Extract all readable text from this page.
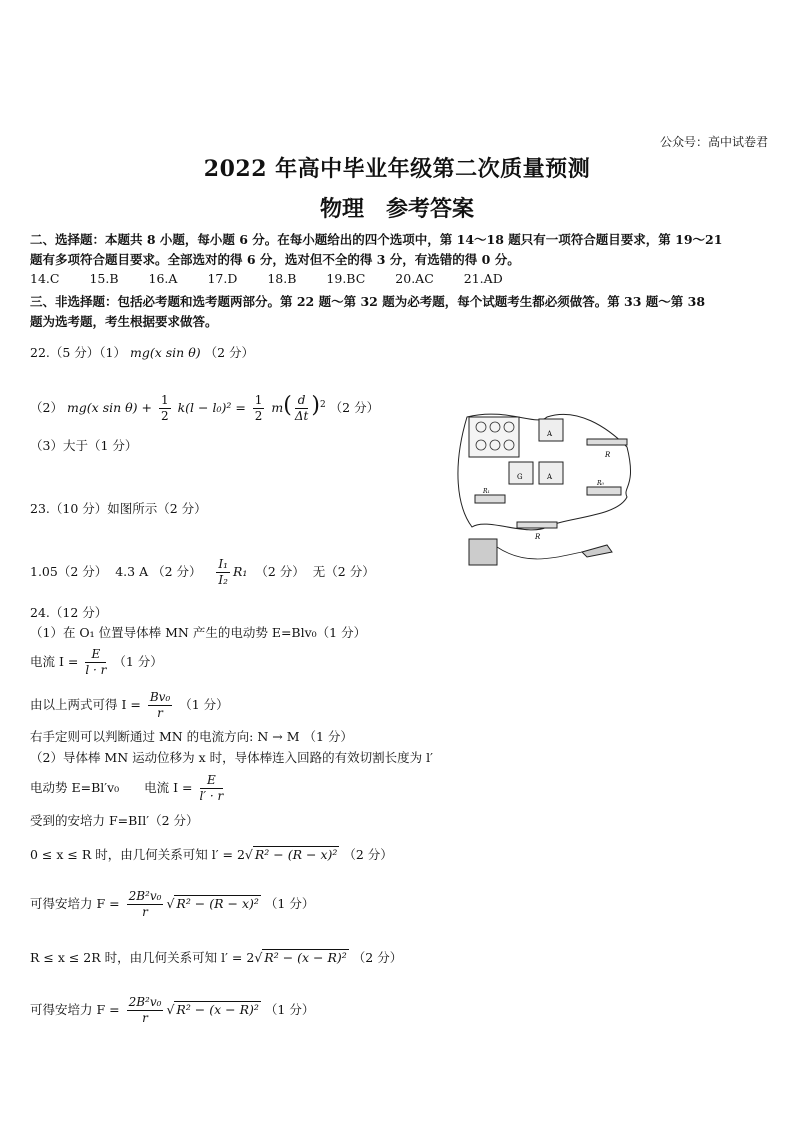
公众号：高中试卷君
2022 年高中毕业年级第二次质量预测
物理　参考答案
二、选择题：本题共 8 小题，每小题 6 分。在每小题给出的四个选项中，第 14～18 题只有一项符合题目要求，第 19～21
题有多项符合题目要求。全部选对的得 6 分，选对但不全的得 3 分，有选错的得 0 分。
14.C 15.B 16.A 17.D 18.B 19.BC 20.AC 21.AD
三、非选择题：包括必考题和选考题两部分。第 22 题～第 32 题为必考题，每个试题考生都必须做答。第 33 题～第 38
题为选考题，考生根据要求做答。
22.（5 分）（1） mg(x sin θ) （2 分）
（2） mg(x $\sin \theta) + \frac{1}{2} k(l - l_0)^2 = \frac{1}{2} m( \frac{d}{\Delta t} )^2$ （2 分）
（3）大于（1 分）
23.（10 分）如图所示（2 分）
1.05（2 分） 4.3 A （2 分） $\frac{\text{I₁}}{\text{I₂}} R_1$ （2 分） 无（2 分）
A
R
G	A
R₁
R₀
R
24.（12 分）
（1）在 O₁ 位置导体棒 MN 产生的电动势 E=Blv₀（1 分）
电流 $I = \frac{E}{l \cdot r} (1$ 分）
由以上两式可得 $I = \frac{\text{Bv₀}}{r} (1$ 分）
右手定则可以判断通过 MN 的电流方向: N → M （1 分）
（2）导体棒 MN 运动位移为 x 时，导体棒连入回路的有效切割长度为 l′
电动势 E=Bl′v₀　　电流 $I = \frac{E}{l' \cdot r}$
受到的安培力 F=BIl′（2 分）
0 ≤ x ≤ R 时，由几何关系可知 l′ = 2√ R² − (R − x)² （2 分）
可得安培力 $F = \frac{\text{2B²v₀}}{r}$ √ R² − (R − x)² （1 分）
R ≤ x ≤ 2R 时，由几何关系可知 l′ = 2√ R² − (x − R)² （2 分）
可得安培力 $F = \frac{\text{2B²v₀}}{r}$ √ R² − (x − R)² （1 分）
